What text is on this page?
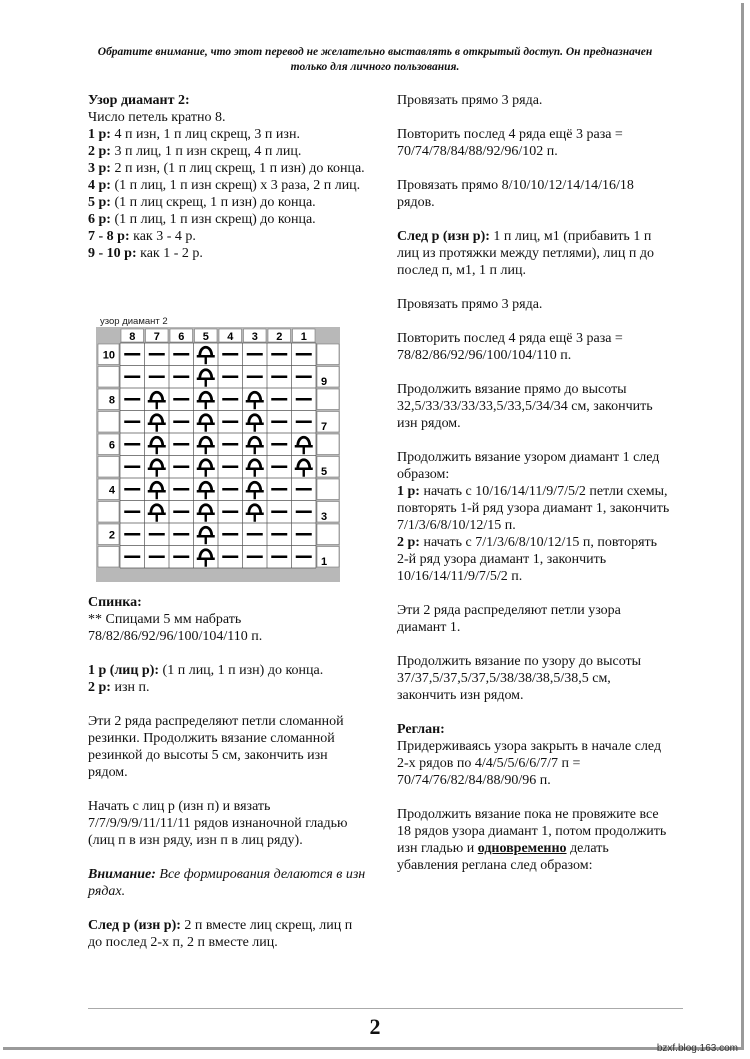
Обратите внимание, что этот перевод не желательно выставлять в открытый доступ. Он предназначен только для личного пользования.

Узор диамант 2:

Число петель кратно 8.

1 р: 4 п изн, 1 п лиц скрещ, 3 п изн.

2 р: 3 п лиц, 1 п изн скрещ, 4 п лиц.

3 р: 2 п изн, (1 п лиц скрещ, 1 п изн) до конца.

4 р: (1 п лиц, 1 п изн скрещ) х 3 раза, 2 п лиц.

5 р: (1 п лиц скрещ, 1 п изн) до конца.

6 р: (1 п лиц, 1 п изн скрещ) до конца.

7 - 8 р: как 3 - 4 р.

9 - 10 р: как 1 - 2 р.

узор диамант 2
8 7 6 5 4 3 2 1
10
9
8
7
6
5
4
3
2
1

Спинка:

** Спицами 5 мм набрать 78/82/86/92/96/100/104/110 п.

1 р (лиц р): (1 п лиц, 1 п изн) до конца.

2 р: изн п.

Эти 2 ряда распределяют петли сломанной резинки. Продолжить вязание сломанной резинкой до высоты 5 см, закончить изн рядом.

Начать с лиц р (изн п) и вязать 7/7/9/9/9/11/11/11 рядов изнаночной гладью (лиц п в изн ряду, изн п в лиц ряду).

Внимание: Все формирования делаются в изн рядах.

След р (изн р): 2 п вместе лиц скрещ, лиц п до послед 2-х п, 2 п вместе лиц.

Провязать прямо 3 ряда.

Повторить послед 4 ряда ещё 3 раза = 70/74/78/84/88/92/96/102 п.

Провязать прямо 8/10/10/12/14/14/16/18 рядов.

След р (изн р): 1 п лиц, м1 (прибавить 1 п лиц из протяжки между петлями), лиц п до послед п, м1, 1 п лиц.

Провязать прямо 3 ряда.

Повторить послед 4 ряда ещё 3 раза = 78/82/86/92/96/100/104/110 п.

Продолжить вязание прямо до высоты 32,5/33/33/33/33,5/33,5/34/34 см, закончить изн рядом.

Продолжить вязание узором диамант 1 след образом:

1 р: начать с 10/16/14/11/9/7/5/2 петли схемы, повторять 1-й ряд узора диамант 1, закончить 7/1/3/6/8/10/12/15 п.

2 р: начать с 7/1/3/6/8/10/12/15 п, повторять 2-й ряд узора диамант 1, закончить 10/16/14/11/9/7/5/2 п.

Эти 2 ряда распределяют петли узора диамант 1.

Продолжить вязание по узору до высоты 37/37,5/37,5/37,5/38/38/38,5/38,5 см, закончить изн рядом.

Реглан:

Придерживаясь узора закрыть в начале след 2-х рядов по 4/4/5/5/6/6/7/7 п = 70/74/76/82/84/88/90/96 п.

Продолжить вязание пока не провяжите все 18 рядов узора диамант 1, потом продолжить изн гладью и одновременно делать убавления реглана след образом:

2
bzxf.blog.163.com
